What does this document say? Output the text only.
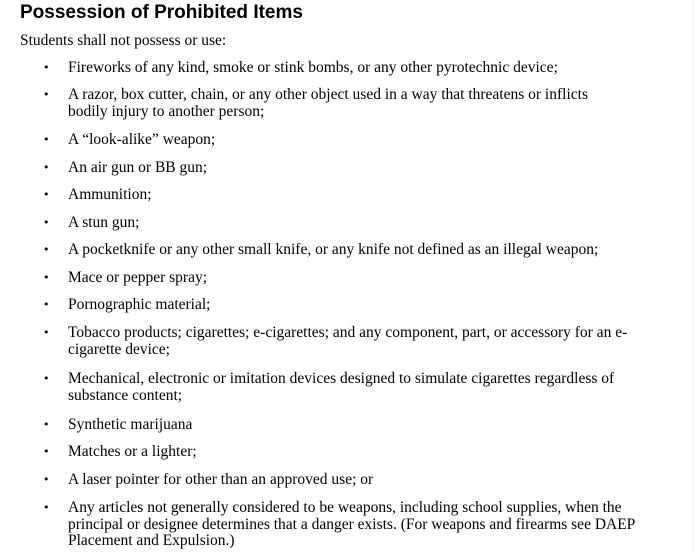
Possession of Prohibited Items

Students shall not possess or use:

• Fireworks of any kind, smoke or stink bombs, or any other pyrotechnic device;
• A razor, box cutter, chain, or any other object used in a way that threatens or inflicts bodily injury to another person;
• A “look-alike” weapon;
• An air gun or BB gun;
• Ammunition;
• A stun gun;
• A pocketknife or any other small knife, or any knife not defined as an illegal weapon;
• Mace or pepper spray;
• Pornographic material;
• Tobacco products; cigarettes; e-cigarettes; and any component, part, or accessory for an e-cigarette device;
• Mechanical, electronic or imitation devices designed to simulate cigarettes regardless of substance content;
• Synthetic marijuana
• Matches or a lighter;
• A laser pointer for other than an approved use; or
• Any articles not generally considered to be weapons, including school supplies, when the principal or designee determines that a danger exists. (For weapons and firearms see DAEP Placement and Expulsion.)
